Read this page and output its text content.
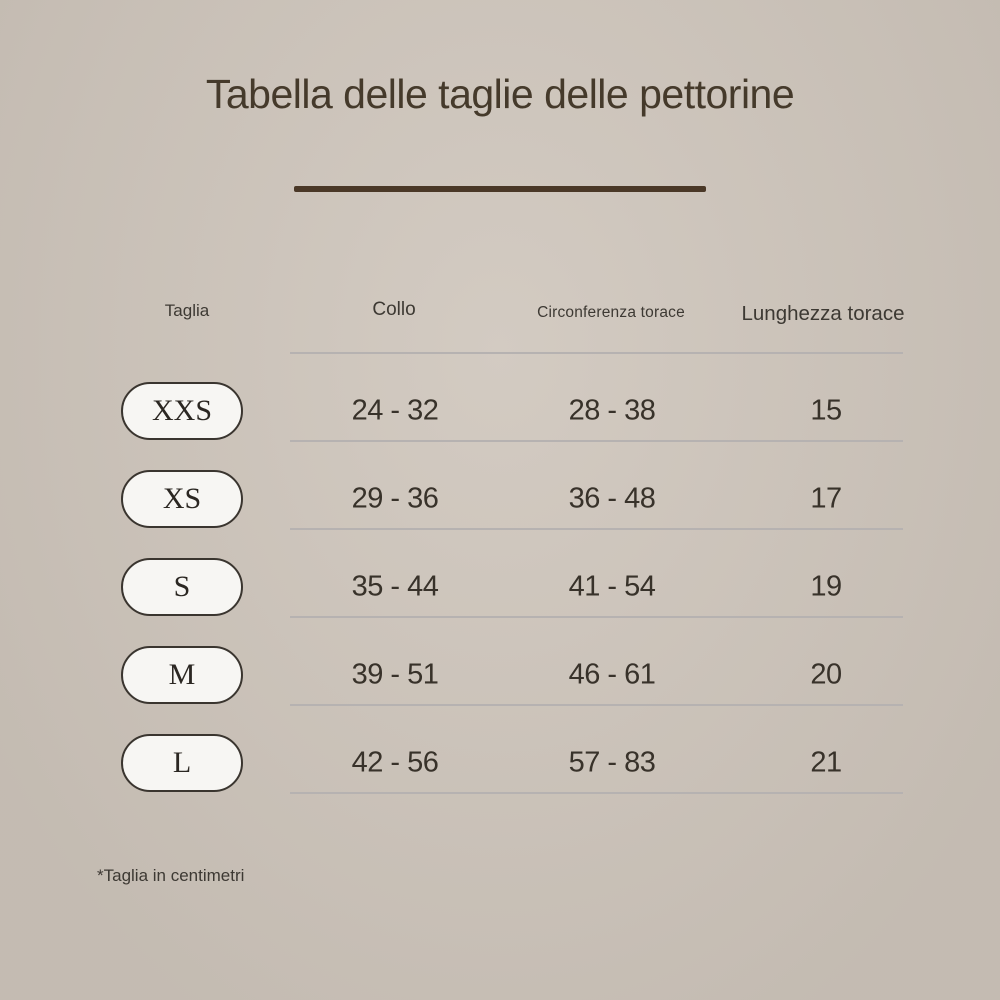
Tabella delle taglie delle pettorine
Taglia	Collo	Circonferenza torace	Lunghezza torace
XXS	24 - 32	28 - 38	15
XS	29 - 36	36 - 48	17
S	35 - 44	41 - 54	19
M	39 - 51	46 - 61	20
L	42 - 56	57 - 83	21
*Taglia in centimetri
